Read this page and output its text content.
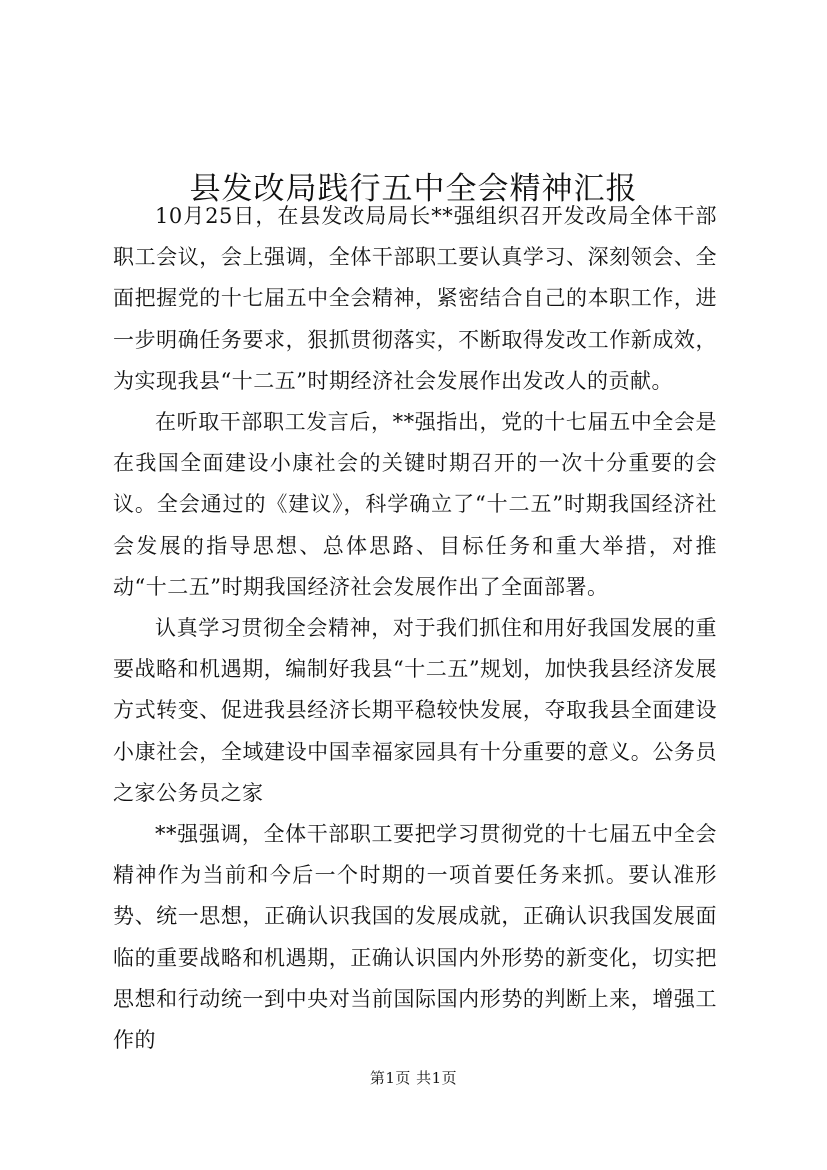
县发改局践行五中全会精神汇报

10月25日，在县发改局局长**强组织召开发改局全体干部职工会议，会上强调，全体干部职工要认真学习、深刻领会、全面把握党的十七届五中全会精神，紧密结合自己的本职工作，进一步明确任务要求，狠抓贯彻落实，不断取得发改工作新成效，为实现我县“十二五”时期经济社会发展作出发改人的贡献。

在听取干部职工发言后，**强指出，党的十七届五中全会是在我国全面建设小康社会的关键时期召开的一次十分重要的会议。全会通过的《建议》，科学确立了“十二五”时期我国经济社会发展的指导思想、总体思路、目标任务和重大举措，对推动“十二五”时期我国经济社会发展作出了全面部署。

认真学习贯彻全会精神，对于我们抓住和用好我国发展的重要战略和机遇期，编制好我县“十二五”规划，加快我县经济发展方式转变、促进我县经济长期平稳较快发展，夺取我县全面建设小康社会，全域建设中国幸福家园具有十分重要的意义。公务员之家公务员之家

**强强调，全体干部职工要把学习贯彻党的十七届五中全会精神作为当前和今后一个时期的一项首要任务来抓。要认准形势、统一思想，正确认识我国的发展成就，正确认识我国发展面临的重要战略和机遇期，正确认识国内外形势的新变化，切实把思想和行动统一到中央对当前国际国内形势的判断上来，增强工作的

第1页 共1页
